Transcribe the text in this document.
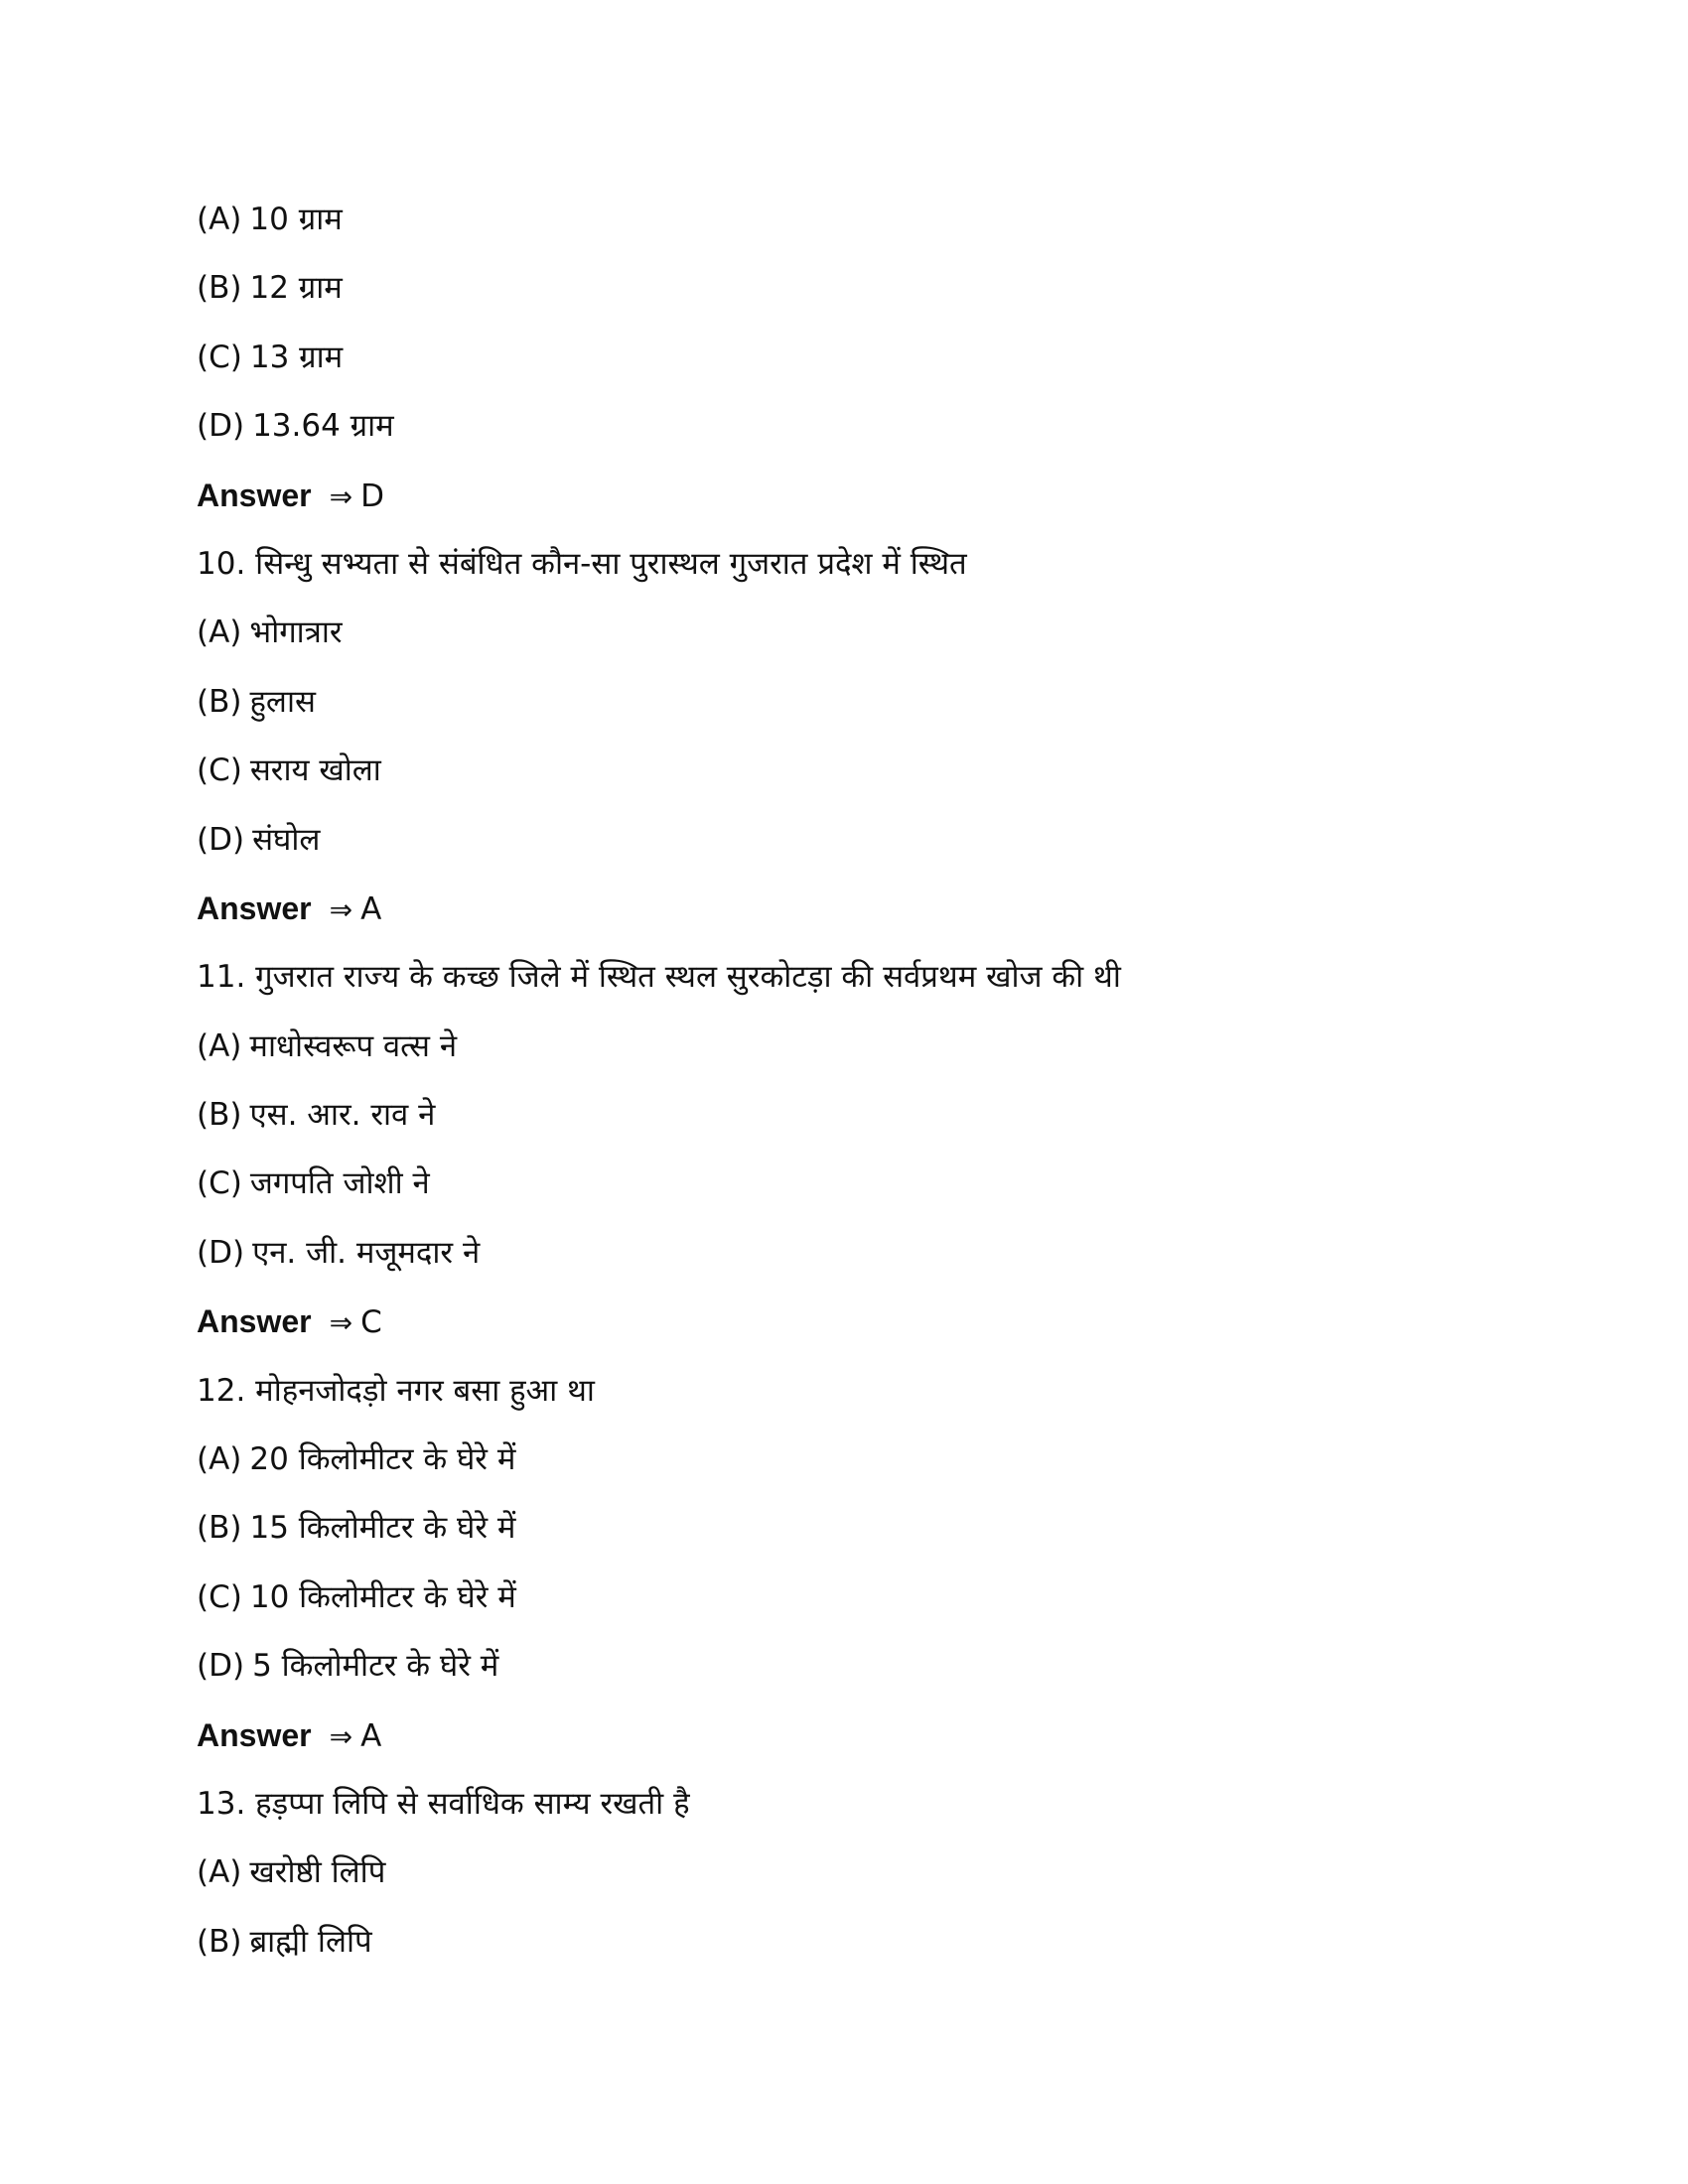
(A) 10 ग्राम
(B) 12 ग्राम
(C) 13 ग्राम
(D) 13.64 ग्राम
Answer ⇒ D
10. सिन्धु सभ्यता से संबंधित कौन-सा पुरास्थल गुजरात प्रदेश में स्थित
(A) भोगात्रार
(B) हुलास
(C) सराय खोला
(D) संघोल
Answer ⇒ A
11. गुजरात राज्य के कच्छ जिले में स्थित स्थल सुरकोटड़ा की सर्वप्रथम खोज की थी
(A) माधोस्वरूप वत्स ने
(B) एस. आर. राव ने
(C) जगपति जोशी ने
(D) एन. जी. मजूमदार ने
Answer ⇒ C
12. मोहनजोदड़ो नगर बसा हुआ था
(A) 20 किलोमीटर के घेरे में
(B) 15 किलोमीटर के घेरे में
(C) 10 किलोमीटर के घेरे में
(D) 5 किलोमीटर के घेरे में
Answer ⇒ A
13. हड़प्पा लिपि से सर्वाधिक साम्य रखती है
(A) खरोष्ठी लिपि
(B) ब्राह्मी लिपि
